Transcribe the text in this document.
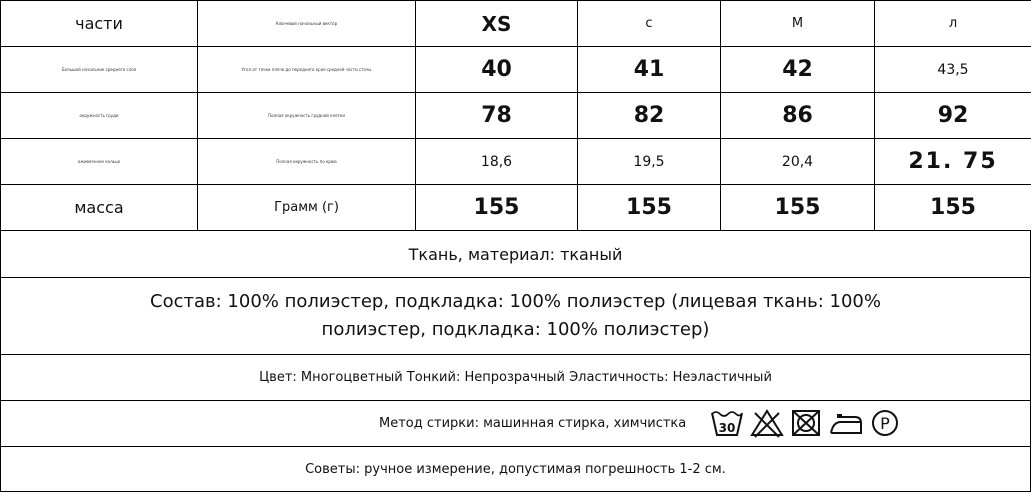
части	Ключевой начальный вектор	XS	с	М	л
Большой начальник среднего слоя	Угол от точки плеча до переднего края средней части сточы	40	41	42	43,5
окружность груди	Полная окружность грудной клетки	78	82	86	92
оживленное кольцо	Полная окружность по краю	18,6	19,5	20,4	21. 75
масса	Грамм (г)	155	155	155	155
Ткань, материал: тканый
Состав: 100% полиэстер, подкладка: 100% полиэстер (лицевая ткань: 100%
полиэстер, подкладка: 100% полиэстер)
Цвет: Многоцветный Тонкий: Непрозрачный Эластичность: Неэластичный
Метод стирки: машинная стирка, химчистка	30	P
Советы: ручное измерение, допустимая погрешность 1-2 см.
